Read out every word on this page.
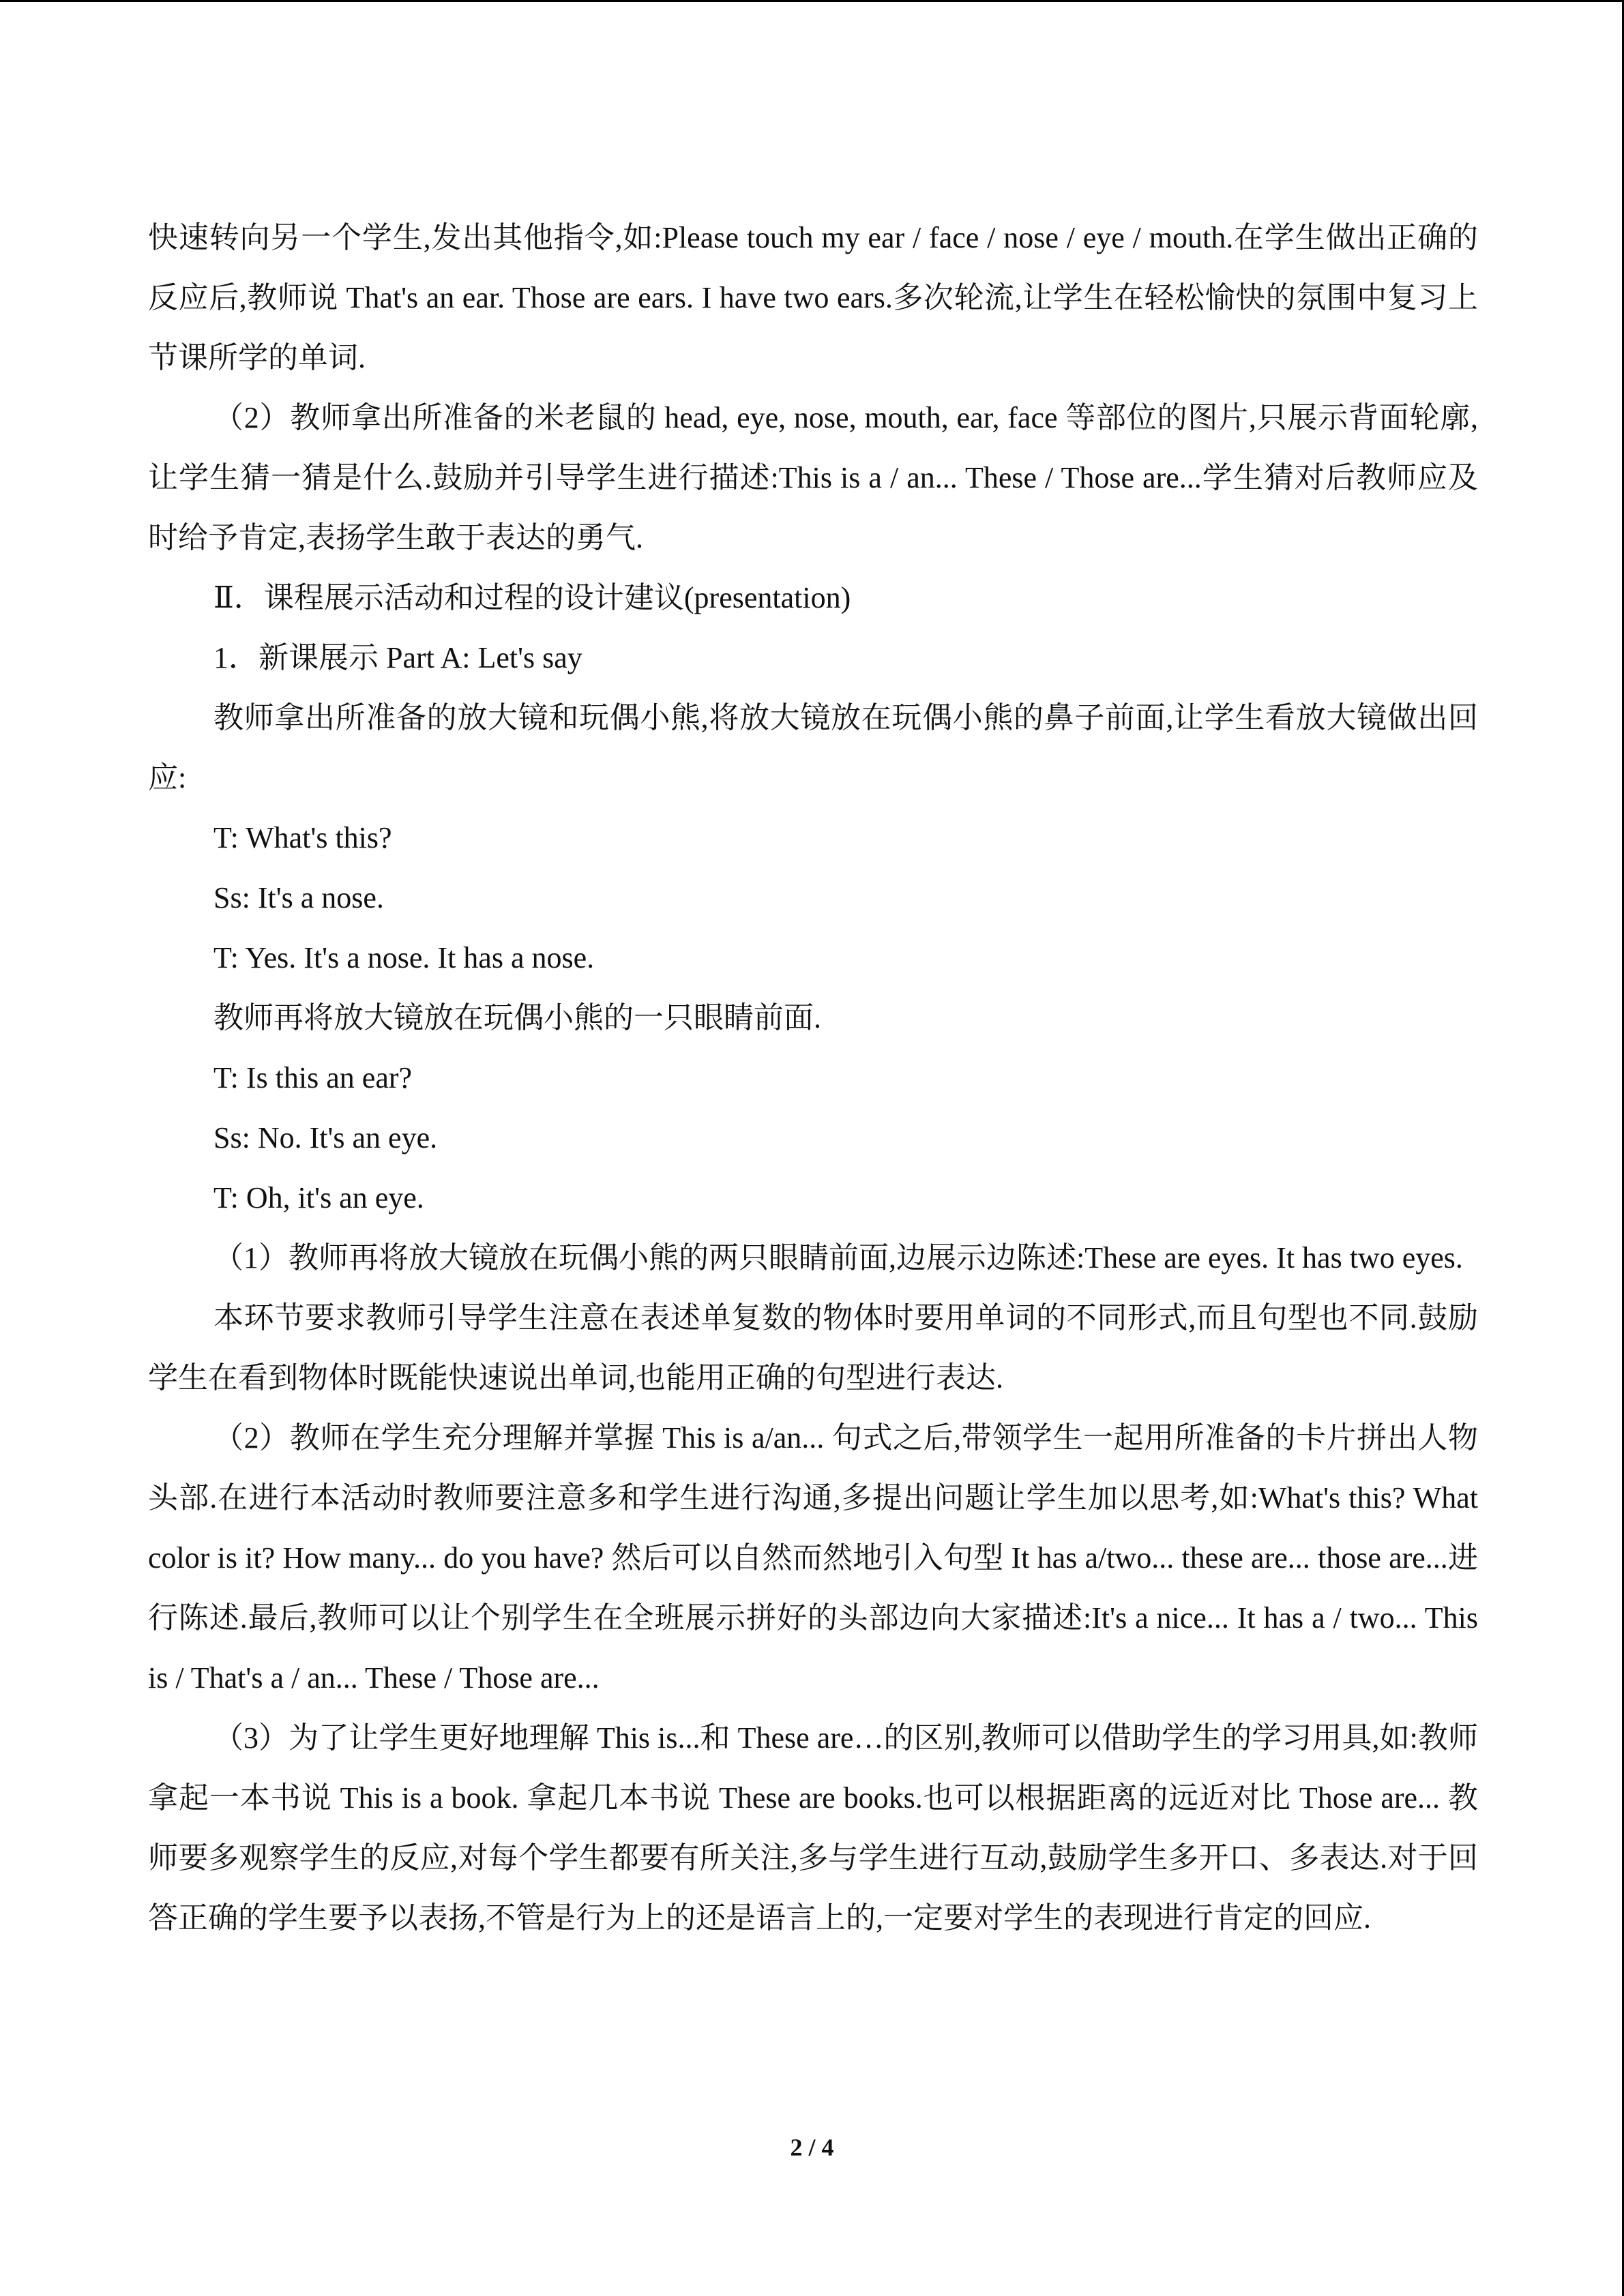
快速转向另一个学生,发出其他指令,如:Please touch my ear / face / nose / eye / mouth.在学生做出正确的反应后,教师说 That's an ear. Those are ears. I have two ears.多次轮流,让学生在轻松愉快的氛围中复习上节课所学的单词.

（2）教师拿出所准备的米老鼠的 head, eye, nose, mouth, ear, face 等部位的图片,只展示背面轮廓,让学生猜一猜是什么.鼓励并引导学生进行描述:This is a / an... These / Those are...学生猜对后教师应及时给予肯定,表扬学生敢于表达的勇气.

Ⅱ．课程展示活动和过程的设计建议(presentation)

1．新课展示 Part A: Let's say

教师拿出所准备的放大镜和玩偶小熊,将放大镜放在玩偶小熊的鼻子前面,让学生看放大镜做出回应:

T: What's this?

Ss: It's a nose.

T: Yes. It's a nose. It has a nose.

教师再将放大镜放在玩偶小熊的一只眼睛前面.

T: Is this an ear?

Ss: No. It's an eye.

T: Oh, it's an eye.

（1）教师再将放大镜放在玩偶小熊的两只眼睛前面,边展示边陈述:These are eyes. It has two eyes.

本环节要求教师引导学生注意在表述单复数的物体时要用单词的不同形式,而且句型也不同.鼓励学生在看到物体时既能快速说出单词,也能用正确的句型进行表达.

（2）教师在学生充分理解并掌握 This is a/an... 句式之后,带领学生一起用所准备的卡片拼出人物头部.在进行本活动时教师要注意多和学生进行沟通,多提出问题让学生加以思考,如:What's this? What color is it? How many... do you have? 然后可以自然而然地引入句型 It has a/two... these are... those are...进行陈述.最后,教师可以让个别学生在全班展示拼好的头部边向大家描述:It's a nice... It has a / two... This is / That's a / an... These / Those are...

（3）为了让学生更好地理解 This is...和 These are…的区别,教师可以借助学生的学习用具,如:教师拿起一本书说 This is a book. 拿起几本书说 These are books.也可以根据距离的远近对比 Those are... 教师要多观察学生的反应,对每个学生都要有所关注,多与学生进行互动,鼓励学生多开口、多表达.对于回答正确的学生要予以表扬,不管是行为上的还是语言上的,一定要对学生的表现进行肯定的回应.

2 / 4
